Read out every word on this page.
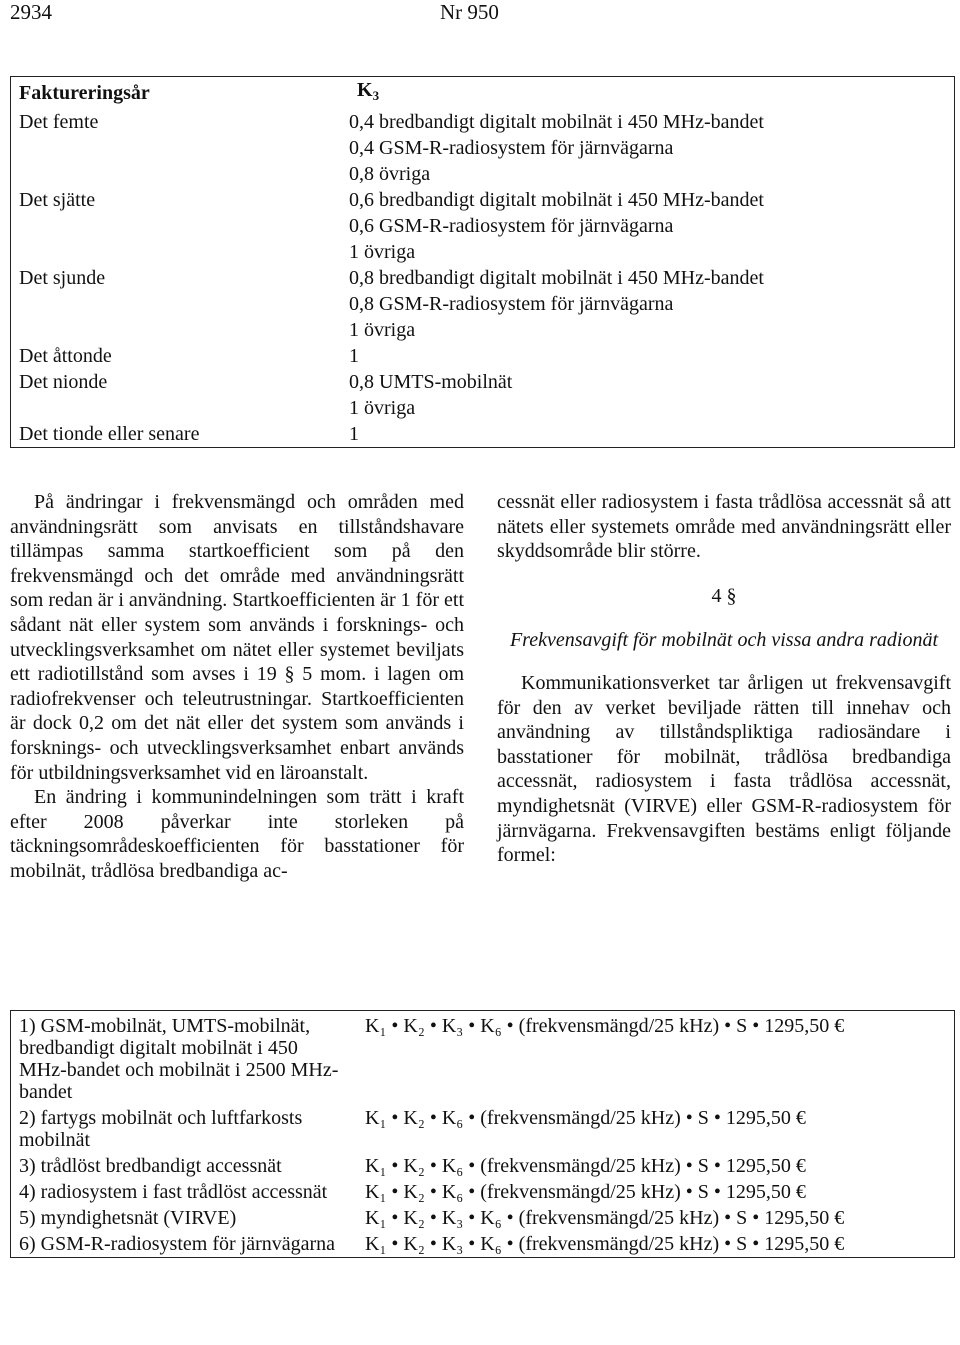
2934	Nr 950
Faktureringsår	$K_3$
Det femte	0,4 bredbandigt digitalt mobilnät i 450 MHz-bandet
	0,4 GSM-R-radiosystem för järnvägarna
	0,8 övriga
Det sjätte	0,6 bredbandigt digitalt mobilnät i 450 MHz-bandet
	0,6 GSM-R-radiosystem för järnvägarna
	1 övriga
Det sjunde	0,8 bredbandigt digitalt mobilnät i 450 MHz-bandet
	0,8 GSM-R-radiosystem för järnvägarna
	1 övriga
Det åttonde	1
Det nionde	0,8 UMTS-mobilnät
	1 övriga
Det tionde eller senare	1

På ändringar i frekvensmängd och områden med användningsrätt som anvisats en tillståndshavare tillämpas samma startkoefficient som på den frekvensmängd och det område med användningsrätt som redan är i användning. Startkoefficienten är 1 för ett sådant nät eller system som används i forsknings- och utvecklingsverksamhet om nätet eller systemet beviljats ett radiotillstånd som avses i 19 § 5 mom. i lagen om radiofrekvenser och teleutrustningar. Startkoefficienten är dock 0,2 om det nät eller det system som används i forsknings- och utvecklingsverksamhet enbart används för utbildningsverksamhet vid en läroanstalt.

En ändring i kommunindelningen som trätt i kraft efter 2008 påverkar inte storleken på täckningsområdeskoefficienten för basstationer för mobilnät, trådlösa bredbandiga ac-

cessnät eller radiosystem i fasta trådlösa accessnät så att nätets eller systemets område med användningsrätt eller skyddsområde blir större.

4 §

Frekvensavgift för mobilnät och vissa andra radionät

Kommunikationsverket tar årligen ut frekvensavgift för den av verket beviljade rätten till innehav och användning av tillståndspliktiga radiosändare i basstationer för mobilnät, trådlösa bredbandiga accessnät, radiosystem i fasta trådlösa accessnät, myndighetsnät (VIRVE) eller GSM-R-radiosystem för järnvägarna. Frekvensavgiften bestäms enligt följande formel:

1) GSM-mobilnät, UMTS-mobilnät, bredbandigt digitalt mobilnät i 450 MHz-bandet och mobilnät i 2500 MHz-bandet	K₁ • K₂ • K₃ • K₆ • (frekvensmängd/25 kHz) • S • 1295,50 €
2) fartygs mobilnät och luftfarkosts mobilnät	K₁ • K₂ • K₆ • (frekvensmängd/25 kHz) • S • 1295,50 €
3) trådlöst bredbandigt accessnät	K₁ • K₂ • K₆ • (frekvensmängd/25 kHz) • S • 1295,50 €
4) radiosystem i fast trådlöst accessnät	K₁ • K₂ • K₆ • (frekvensmängd/25 kHz) • S • 1295,50 €
5) myndighetsnät (VIRVE)	K₁ • K₂ • K₃ • K₆ • (frekvensmängd/25 kHz) • S • 1295,50 €
6) GSM-R-radiosystem för järnvägarna	K₁ • K₂ • K₃ • K₆ • (frekvensmängd/25 kHz) • S • 1295,50 €
